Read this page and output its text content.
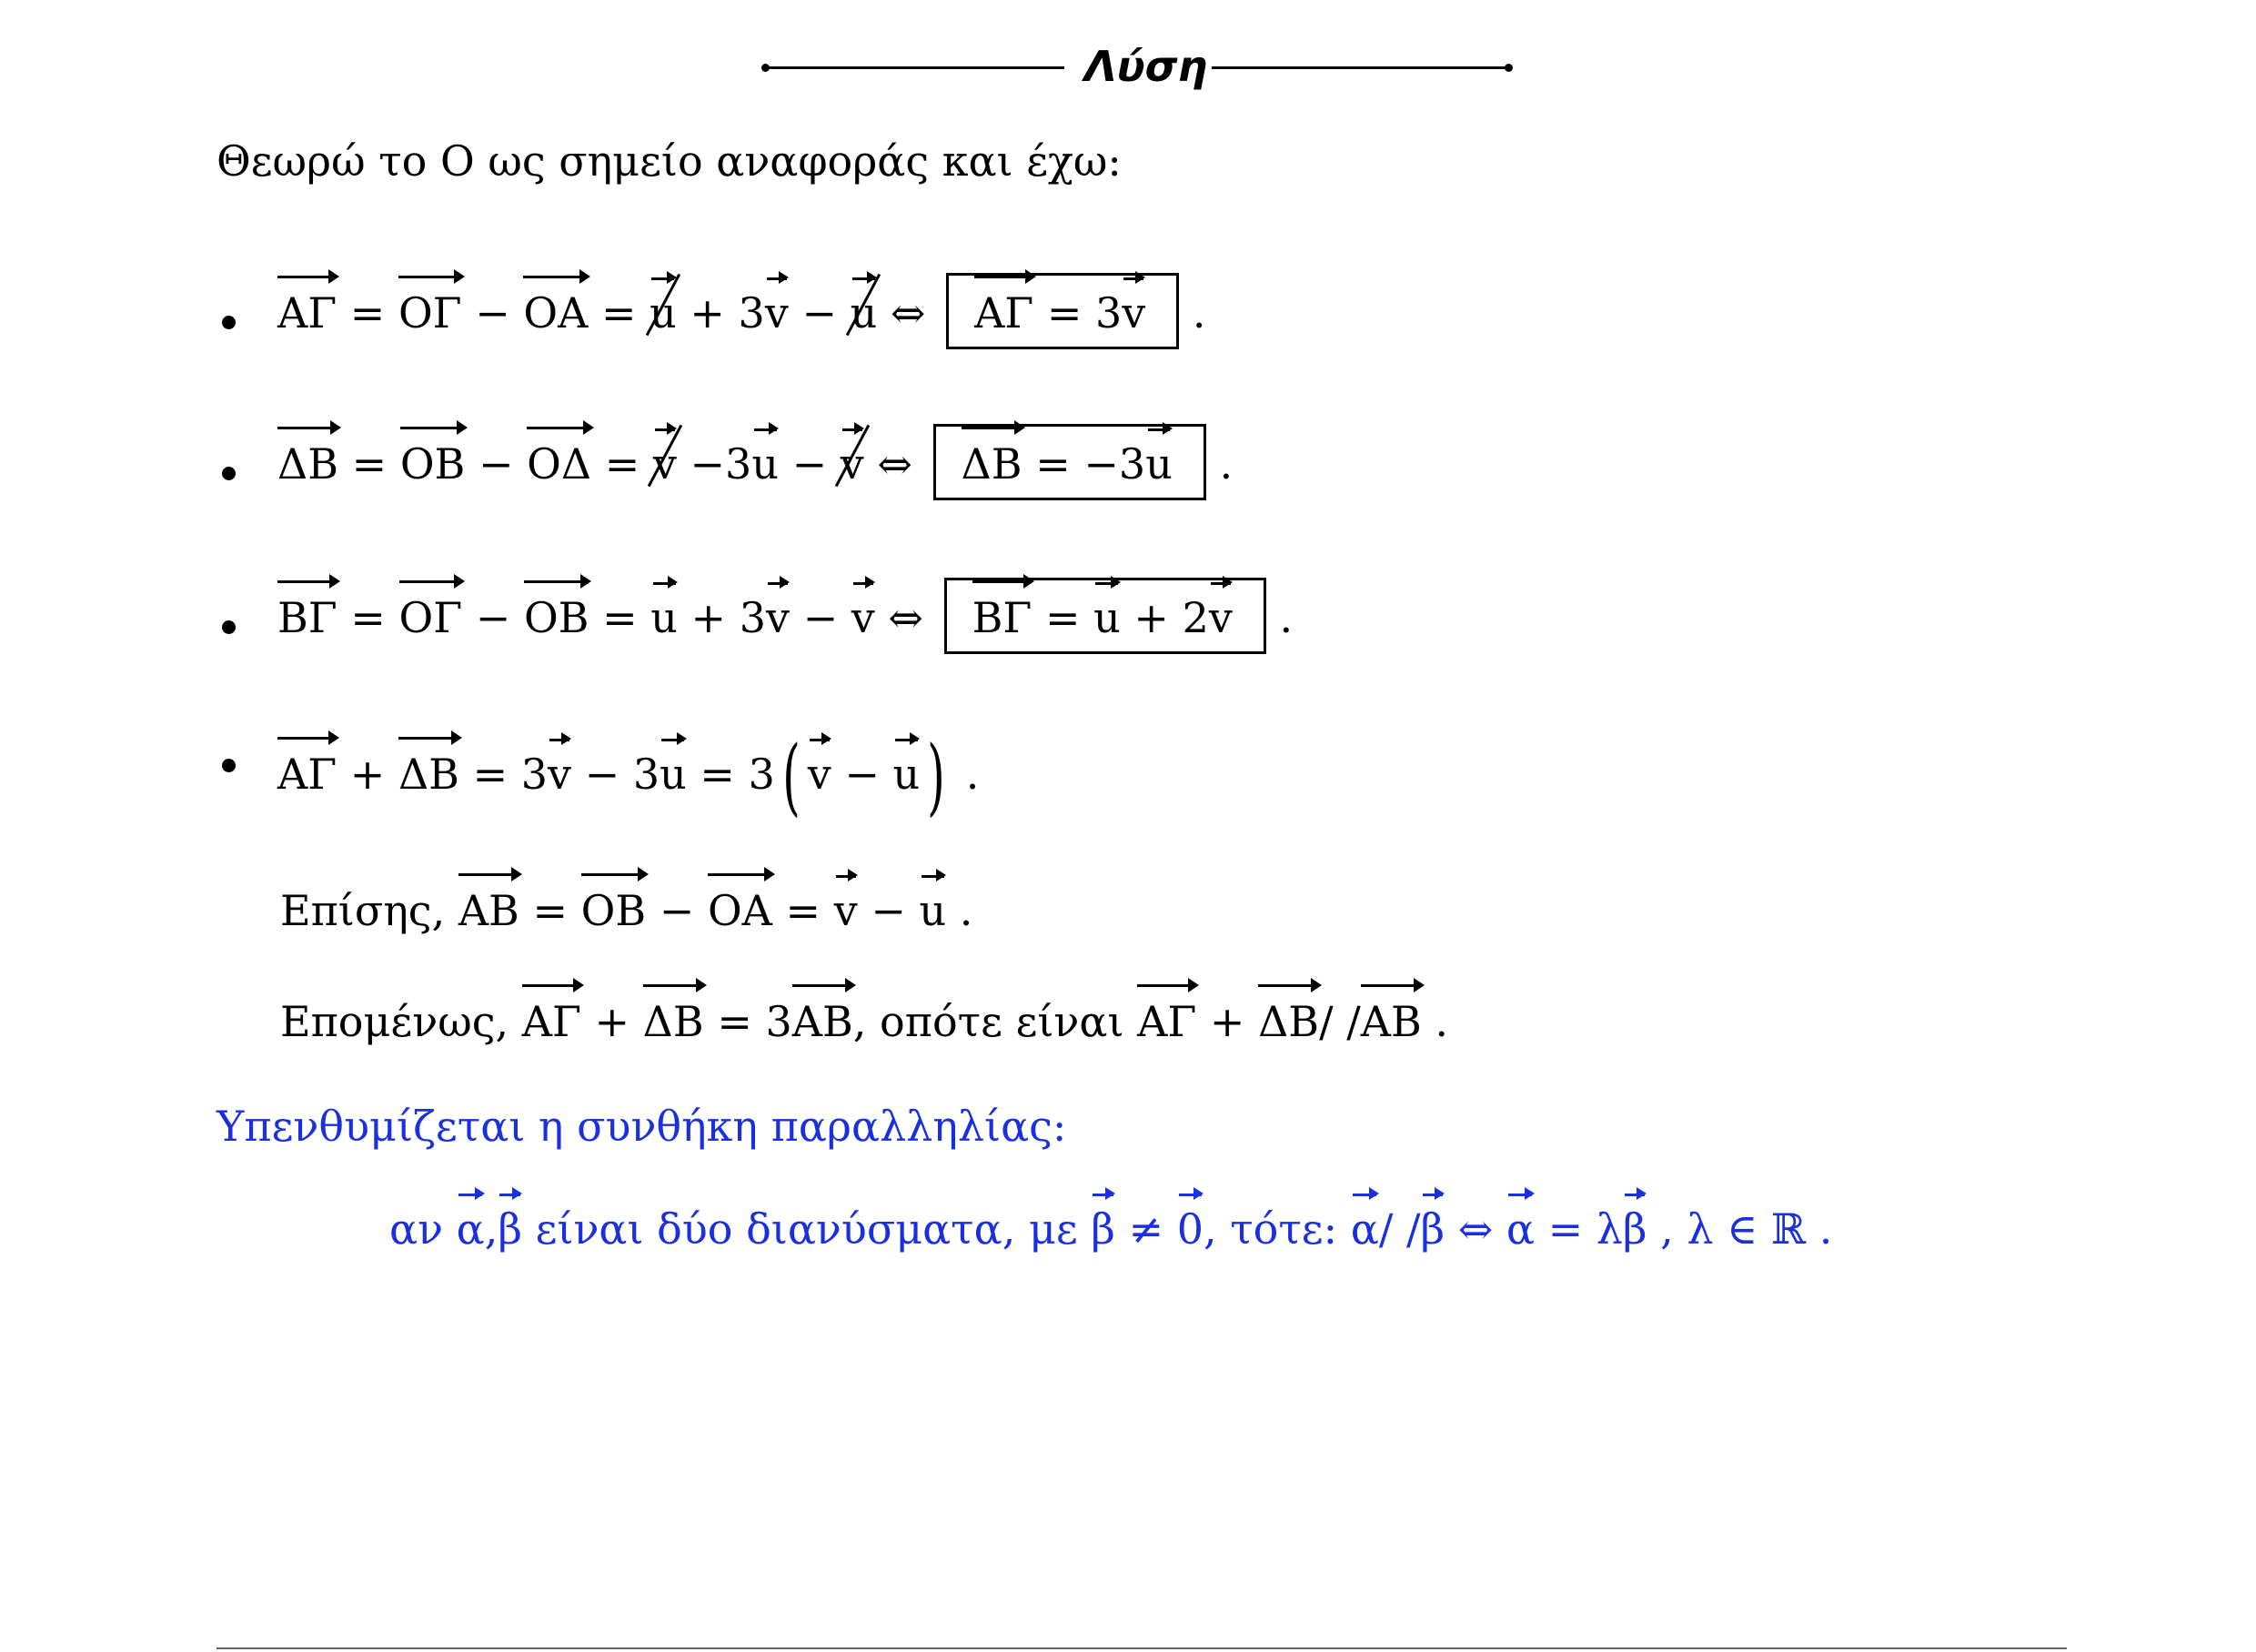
Λύση
Θεωρώ το O ως σημείο αναφοράς και έχω:
ΑΓ = ΟΓ − ΟΑ = u + 3v − u ⇔ ΑΓ = 3v .
ΔΒ = ΟΒ − ΟΔ = v −3u − v ⇔ ΔΒ = −3u .
ΒΓ = ΟΓ − ΟΒ = u + 3v − v ⇔ ΒΓ = u + 2v .
ΑΓ + ΔΒ = 3v − 3u = 3( v − u) .
Επίσης, ΑΒ = ΟΒ − ΟΑ = v − u .
Επομένως, ΑΓ + ΔΒ = 3ΑΒ, οπότε είναι ΑΓ + ΔΒ/ /ΑΒ .
Υπενθυμίζεται η συνθήκη παραλληλίας:
αν α,β είναι δύο διανύσματα, με β ≠ 0, τότε: α/ /β ⇔ α = λβ , λ ∈ ℝ .
